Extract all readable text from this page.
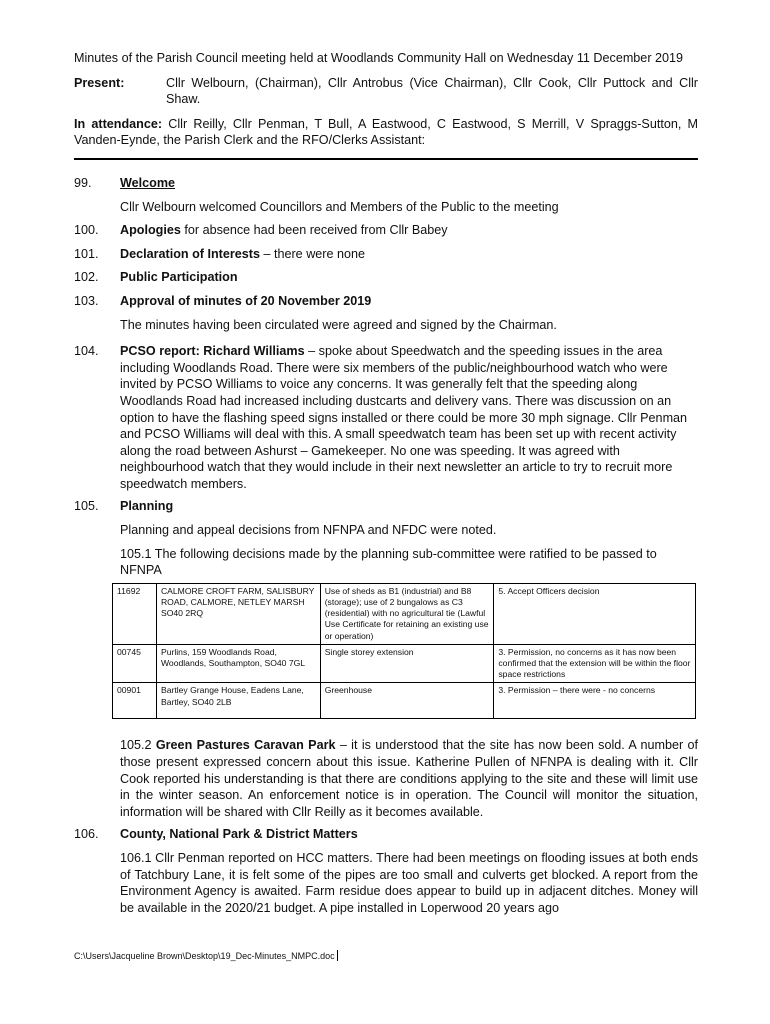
Minutes of the Parish Council meeting held at Woodlands Community Hall on Wednesday 11 December 2019

Present:	Cllr Welbourn, (Chairman), Cllr Antrobus (Vice Chairman), Cllr Cook, Cllr Puttock and Cllr Shaw.

In attendance: Cllr Reilly, Cllr Penman, T Bull, A Eastwood, C Eastwood, S Merrill, V Spraggs-Sutton, M Vanden-Eynde, the Parish Clerk and the RFO/Clerks Assistant:

99.	Welcome

Cllr Welbourn welcomed Councillors and Members of the Public to the meeting

100.	Apologies for absence had been received from Cllr Babey
101.	Declaration of Interests – there were none
102.	Public Participation
103.	Approval of minutes of 20 November 2019

The minutes having been circulated were agreed and signed by the Chairman.

104.	PCSO report: Richard Williams – spoke about Speedwatch and the speeding issues in the area including Woodlands Road. There were six members of the public/neighbourhood watch who were invited by PCSO Williams to voice any concerns. It was generally felt that the speeding along Woodlands Road had increased including dustcarts and delivery vans. There was discussion on an option to have the flashing speed signs installed or there could be more 30 mph signage. Cllr Penman and PCSO Williams will deal with this. A small speedwatch team has been set up with recent activity along the road between Ashurst – Gamekeeper. No one was speeding. It was agreed with neighbourhood watch that they would include in their next newsletter an article to try to recruit more speedwatch members.

105.	Planning

Planning and appeal decisions from NFNPA and NFDC were noted.

105.1 The following decisions made by the planning sub-committee were ratified to be passed to NFNPA

11692	CALMORE CROFT FARM, SALISBURY ROAD, CALMORE, NETLEY MARSH SO40 2RQ	Use of sheds as B1 (industrial) and B8 (storage); use of 2 bungalows as C3 (residential) with no agricultural tie (Lawful Use Certificate for retaining an existing use or operation)	5. Accept Officers decision
00745	Purlins, 159 Woodlands Road, Woodlands, Southampton, SO40 7GL	Single storey extension	3. Permission, no concerns as it has now been confirmed that the extension will be within the floor space restrictions
00901	Bartley Grange House, Eadens Lane, Bartley, SO40 2LB	Greenhouse	3. Permission – there were - no concerns

105.2 Green Pastures Caravan Park – it is understood that the site has now been sold. A number of those present expressed concern about this issue. Katherine Pullen of NFNPA is dealing with it. Cllr Cook reported his understanding is that there are conditions applying to the site and these will limit use in the winter season. An enforcement notice is in operation. The Council will monitor the situation, information will be shared with Cllr Reilly as it becomes available.

106.	County, National Park & District Matters

106.1 Cllr Penman reported on HCC matters. There had been meetings on flooding issues at both ends of Tatchbury Lane, it is felt some of the pipes are too small and culverts get blocked. A report from the Environment Agency is awaited. Farm residue does appear to build up in adjacent ditches. Money will be available in the 2020/21 budget. A pipe installed in Loperwood 20 years ago

C:\Users\Jacqueline Brown\Desktop\19_Dec-Minutes_NMPC.doc
